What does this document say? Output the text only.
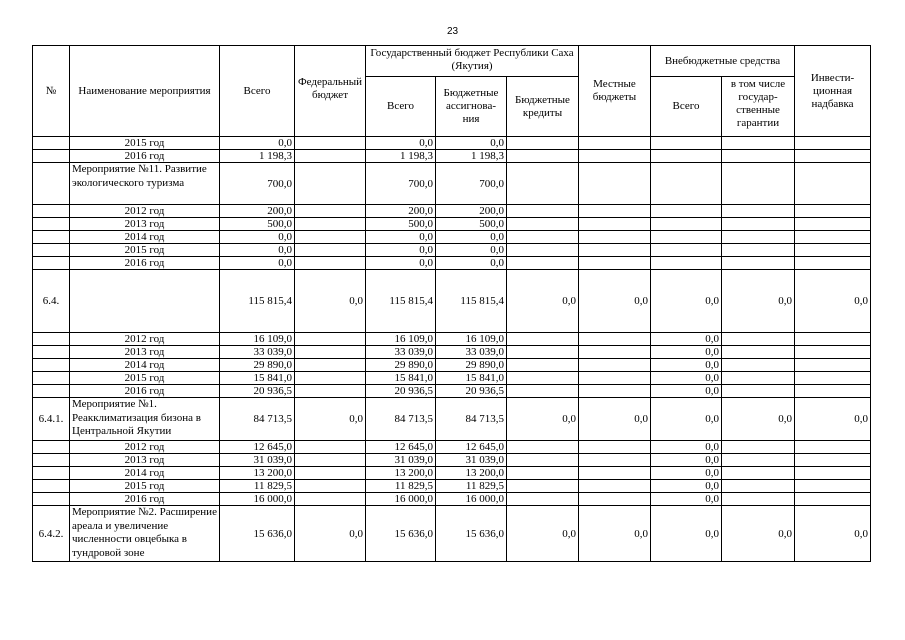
23
№	Наименование мероприятия	Всего	Федеральный бюджет	Государственный бюджет Республики Саха (Якутия)			Местные бюджеты	Внебюджетные средства		Инвести-ционная надбавка
				Всего	Бюджетные ассигнова-ния	Бюджетные кредиты		Всего	в том числе государ-ственные гарантии	
	2015 год	0,0		0,0	0,0					
	2016 год	1 198,3		1 198,3	1 198,3					
	Мероприятие №11. Развитие экологического туризма	700,0		700,0	700,0					
	2012 год	200,0		200,0	200,0					
	2013 год	500,0		500,0	500,0					
	2014 год	0,0		0,0	0,0					
	2015 год	0,0		0,0	0,0					
	2016 год	0,0		0,0	0,0					
6.4.		115 815,4	0,0	115 815,4	115 815,4	0,0	0,0	0,0	0,0	0,0
	2012 год	16 109,0		16 109,0	16 109,0			0,0		
	2013 год	33 039,0		33 039,0	33 039,0			0,0		
	2014 год	29 890,0		29 890,0	29 890,0			0,0		
	2015 год	15 841,0		15 841,0	15 841,0			0,0		
	2016 год	20 936,5		20 936,5	20 936,5			0,0		
6.4.1.	Мероприятие №1. Реакклиматизация бизона в Центральной Якутии	84 713,5	0,0	84 713,5	84 713,5	0,0	0,0	0,0	0,0	0,0
	2012 год	12 645,0		12 645,0	12 645,0			0,0		
	2013 год	31 039,0		31 039,0	31 039,0			0,0		
	2014 год	13 200,0		13 200,0	13 200,0			0,0		
	2015 год	11 829,5		11 829,5	11 829,5			0,0		
	2016 год	16 000,0		16 000,0	16 000,0			0,0		
6.4.2.	Мероприятие №2. Расширение ареала и увеличение численности овцебыка в тундровой зоне	15 636,0	0,0	15 636,0	15 636,0	0,0	0,0	0,0	0,0	0,0
